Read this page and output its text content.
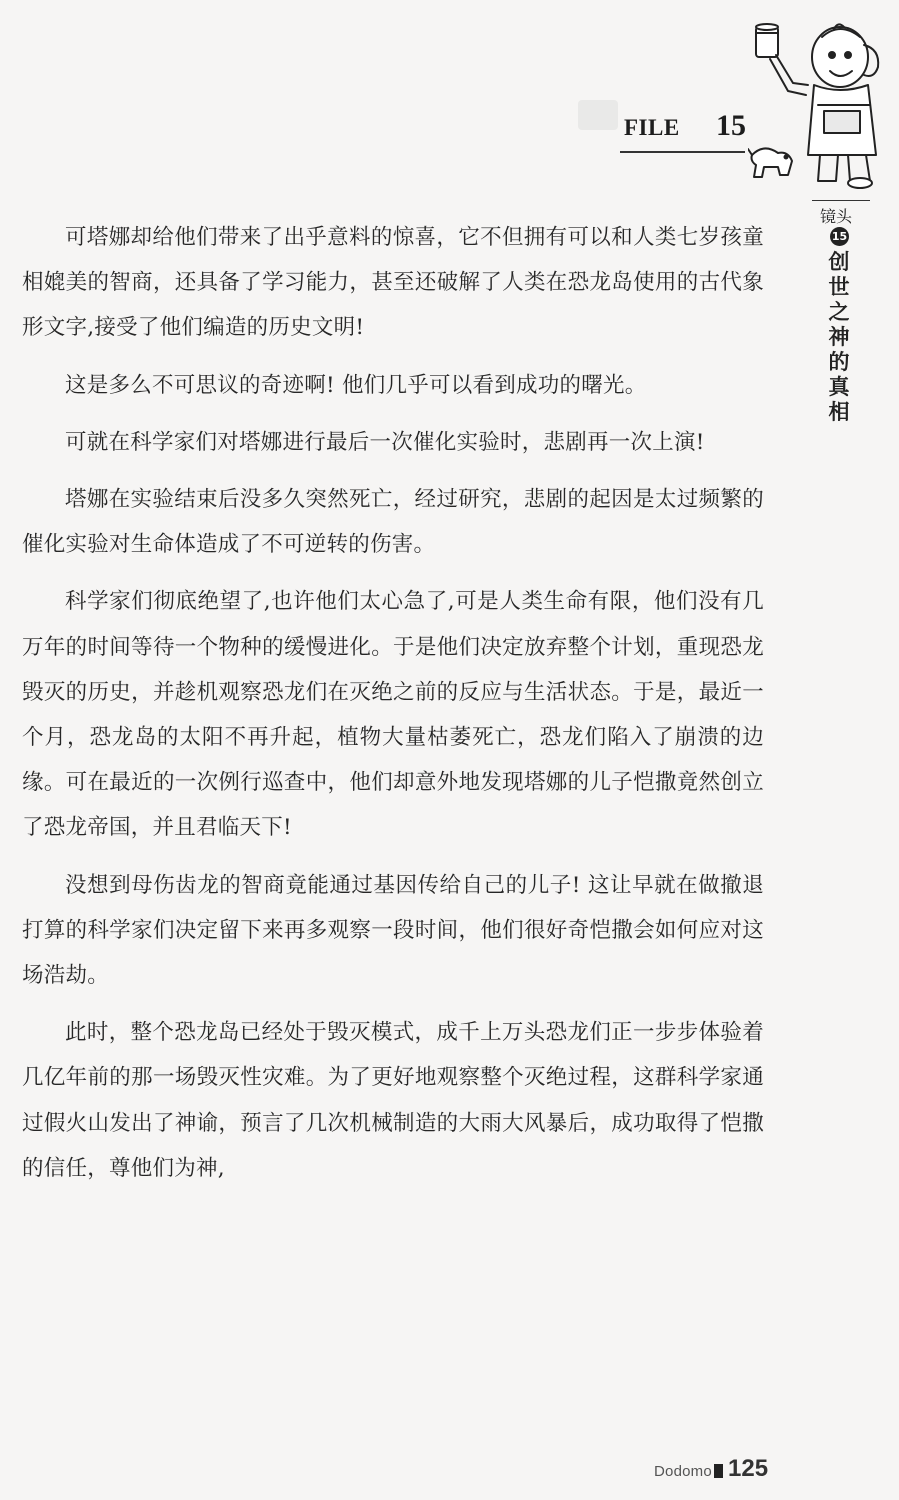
FILE 15
镜头
15
创世之神的真相

可塔娜却给他们带来了出乎意料的惊喜，它不但拥有可以和人类七岁孩童相媲美的智商，还具备了学习能力，甚至还破解了人类在恐龙岛使用的古代象形文字,接受了他们编造的历史文明!

这是多么不可思议的奇迹啊! 他们几乎可以看到成功的曙光。

可就在科学家们对塔娜进行最后一次催化实验时，悲剧再一次上演!

塔娜在实验结束后没多久突然死亡，经过研究，悲剧的起因是太过频繁的催化实验对生命体造成了不可逆转的伤害。

科学家们彻底绝望了,也许他们太心急了,可是人类生命有限，他们没有几万年的时间等待一个物种的缓慢进化。于是他们决定放弃整个计划，重现恐龙毁灭的历史，并趁机观察恐龙们在灭绝之前的反应与生活状态。于是，最近一个月，恐龙岛的太阳不再升起，植物大量枯萎死亡，恐龙们陷入了崩溃的边缘。可在最近的一次例行巡查中，他们却意外地发现塔娜的儿子恺撒竟然创立了恐龙帝国，并且君临天下!

没想到母伤齿龙的智商竟能通过基因传给自己的儿子! 这让早就在做撤退打算的科学家们决定留下来再多观察一段时间，他们很好奇恺撒会如何应对这场浩劫。

此时，整个恐龙岛已经处于毁灭模式，成千上万头恐龙们正一步步体验着几亿年前的那一场毁灭性灾难。为了更好地观察整个灭绝过程，这群科学家通过假火山发出了神谕，预言了几次机械制造的大雨大风暴后，成功取得了恺撒的信任，尊他们为神,

Dodomo 125
